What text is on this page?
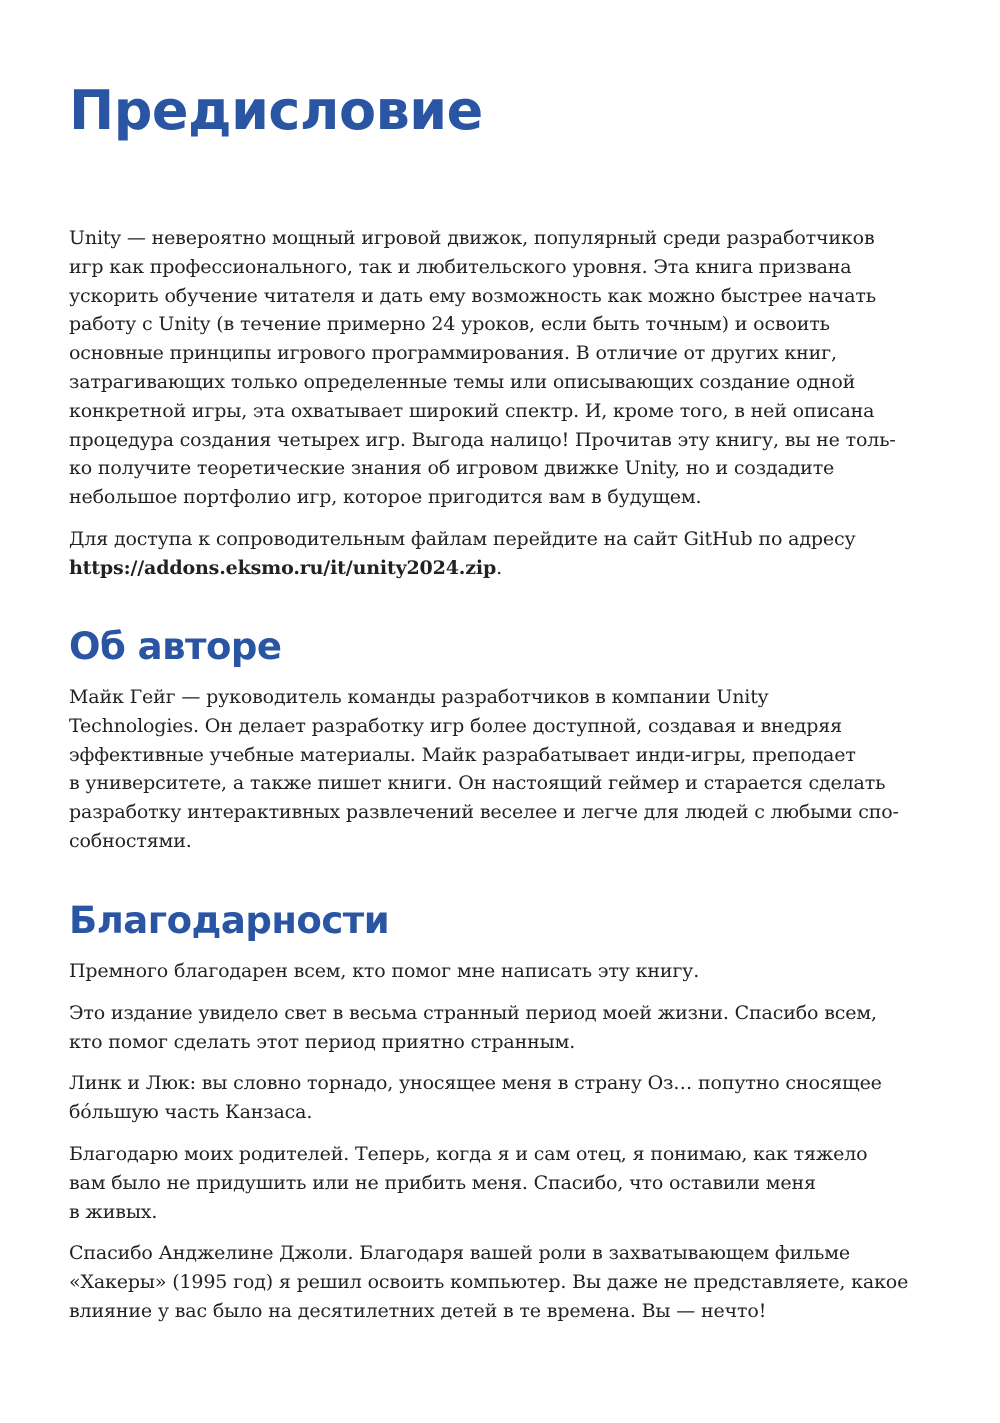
Предисловие

Unity — невероятно мощный игровой движок, популярный среди разработчиков
игр как профессионального, так и любительского уровня. Эта книга призвана
ускорить обучение читателя и дать ему возможность как можно быстрее начать
работу с Unity (в течение примерно 24 уроков, если быть точным) и освоить
основные принципы игрового программирования. В отличие от других книг,
затрагивающих только определенные темы или описывающих создание одной
конкретной игры, эта охватывает широкий спектр. И, кроме того, в ней описана
процедура создания четырех игр. Выгода налицо! Прочитав эту книгу, вы не толь-
ко получите теоретические знания об игровом движке Unity, но и создадите
небольшое портфолио игр, которое пригодится вам в будущем.

Для доступа к сопроводительным файлам перейдите на сайт GitHub по адресу
https://addons.eksmo.ru/it/unity2024.zip.

Об авторе

Майк Гейг — руководитель команды разработчиков в компании Unity
Technologies. Он делает разработку игр более доступной, создавая и внедряя
эффективные учебные материалы. Майк разрабатывает инди-игры, преподает
в университете, а также пишет книги. Он настоящий геймер и старается сделать
разработку интерактивных развлечений веселее и легче для людей с любыми спо-
собностями.

Благодарности

Премного благодарен всем, кто помог мне написать эту книгу.

Это издание увидело свет в весьма странный период моей жизни. Спасибо всем,
кто помог сделать этот период приятно странным.

Линк и Люк: вы словно торнадо, уносящее меня в страну Оз… попутно сносящее
бóльшую часть Канзаса.

Благодарю моих родителей. Теперь, когда я и сам отец, я понимаю, как тяжело
вам было не придушить или не прибить меня. Спасибо, что оставили меня
в живых.

Спасибо Анджелине Джоли. Благодаря вашей роли в захватывающем фильме
«Хакеры» (1995 год) я решил освоить компьютер. Вы даже не представляете, какое
влияние у вас было на десятилетних детей в те времена. Вы — нечто!
